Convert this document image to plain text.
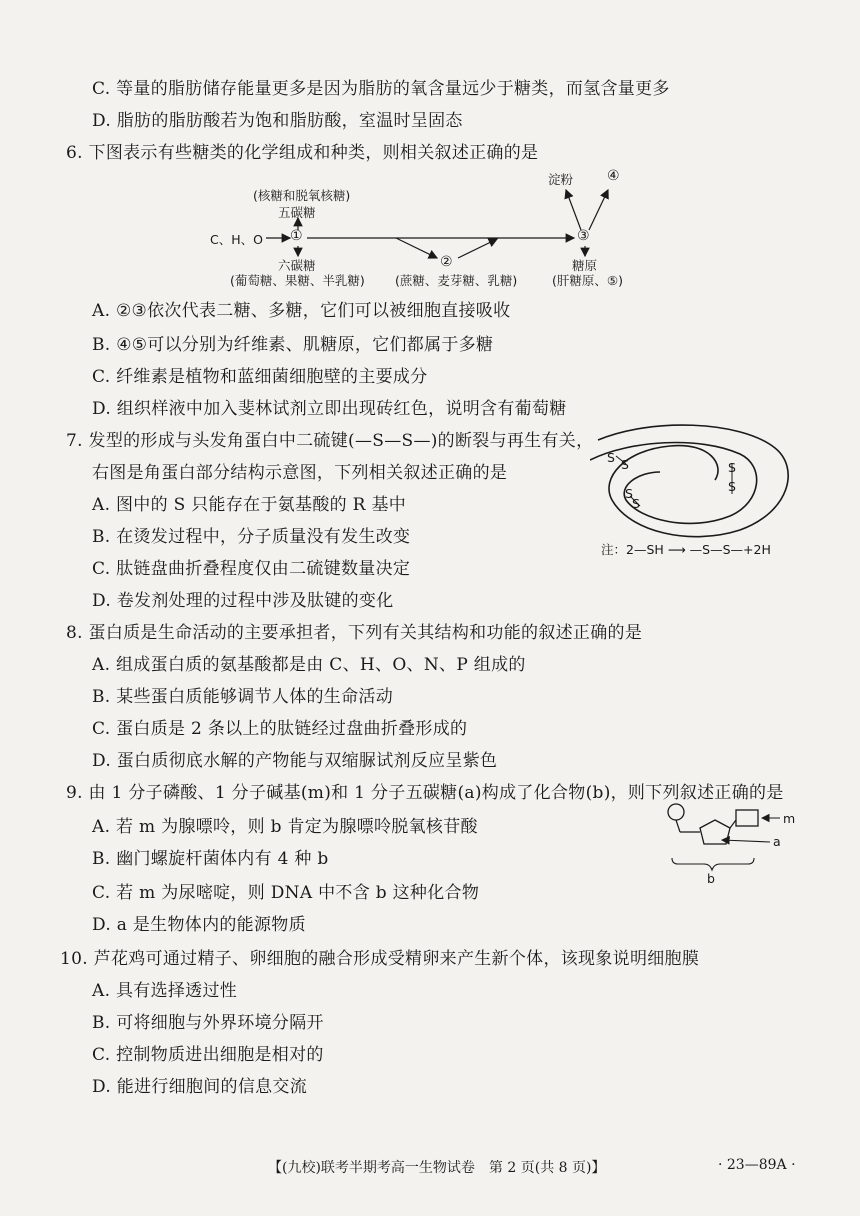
C. 等量的脂肪储存能量更多是因为脂肪的氧含量远少于糖类，而氢含量更多
D. 脂肪的脂肪酸若为饱和脂肪酸，室温时呈固态
6. 下图表示有些糖类的化学组成和种类，则相关叙述正确的是
C、H、O ①
(核糖和脱氧核糖)
五碳糖
六碳糖
(葡萄糖、果糖、半乳糖)
②
(蔗糖、麦芽糖、乳糖)
③
淀粉 ④
糖原
(肝糖原、⑤)
A. ②③依次代表二糖、多糖，它们可以被细胞直接吸收
B. ④⑤可以分别为纤维素、肌糖原，它们都属于多糖
C. 纤维素是植物和蓝细菌细胞壁的主要成分
D. 组织样液中加入斐林试剂立即出现砖红色，说明含有葡萄糖
7. 发型的形成与头发角蛋白中二硫键(—S—S—)的断裂与再生有关，
右图是角蛋白部分结构示意图，下列相关叙述正确的是
S S	S
S
S
S
注：2—SH ⟶ —S—S—+2H
A. 图中的 S 只能存在于氨基酸的 R 基中
B. 在烫发过程中，分子质量没有发生改变
C. 肽链盘曲折叠程度仅由二硫键数量决定
D. 卷发剂处理的过程中涉及肽键的变化
8. 蛋白质是生命活动的主要承担者，下列有关其结构和功能的叙述正确的是
A. 组成蛋白质的氨基酸都是由 C、H、O、N、P 组成的
B. 某些蛋白质能够调节人体的生命活动
C. 蛋白质是 2 条以上的肽链经过盘曲折叠形成的
D. 蛋白质彻底水解的产物能与双缩脲试剂反应呈紫色
9. 由 1 分子磷酸、1 分子碱基(m)和 1 分子五碳糖(a)构成了化合物(b)，则下列叙述正确的是
m
a
b
A. 若 m 为腺嘌呤，则 b 肯定为腺嘌呤脱氧核苷酸
B. 幽门螺旋杆菌体内有 4 种 b
C. 若 m 为尿嘧啶，则 DNA 中不含 b 这种化合物
D. a 是生物体内的能源物质
10. 芦花鸡可通过精子、卵细胞的融合形成受精卵来产生新个体，该现象说明细胞膜
A. 具有选择透过性
B. 可将细胞与外界环境分隔开
C. 控制物质进出细胞是相对的
D. 能进行细胞间的信息交流
【(九校)联考半期考高一生物试卷　第 2 页(共 8 页)】	· 23—89A ·
